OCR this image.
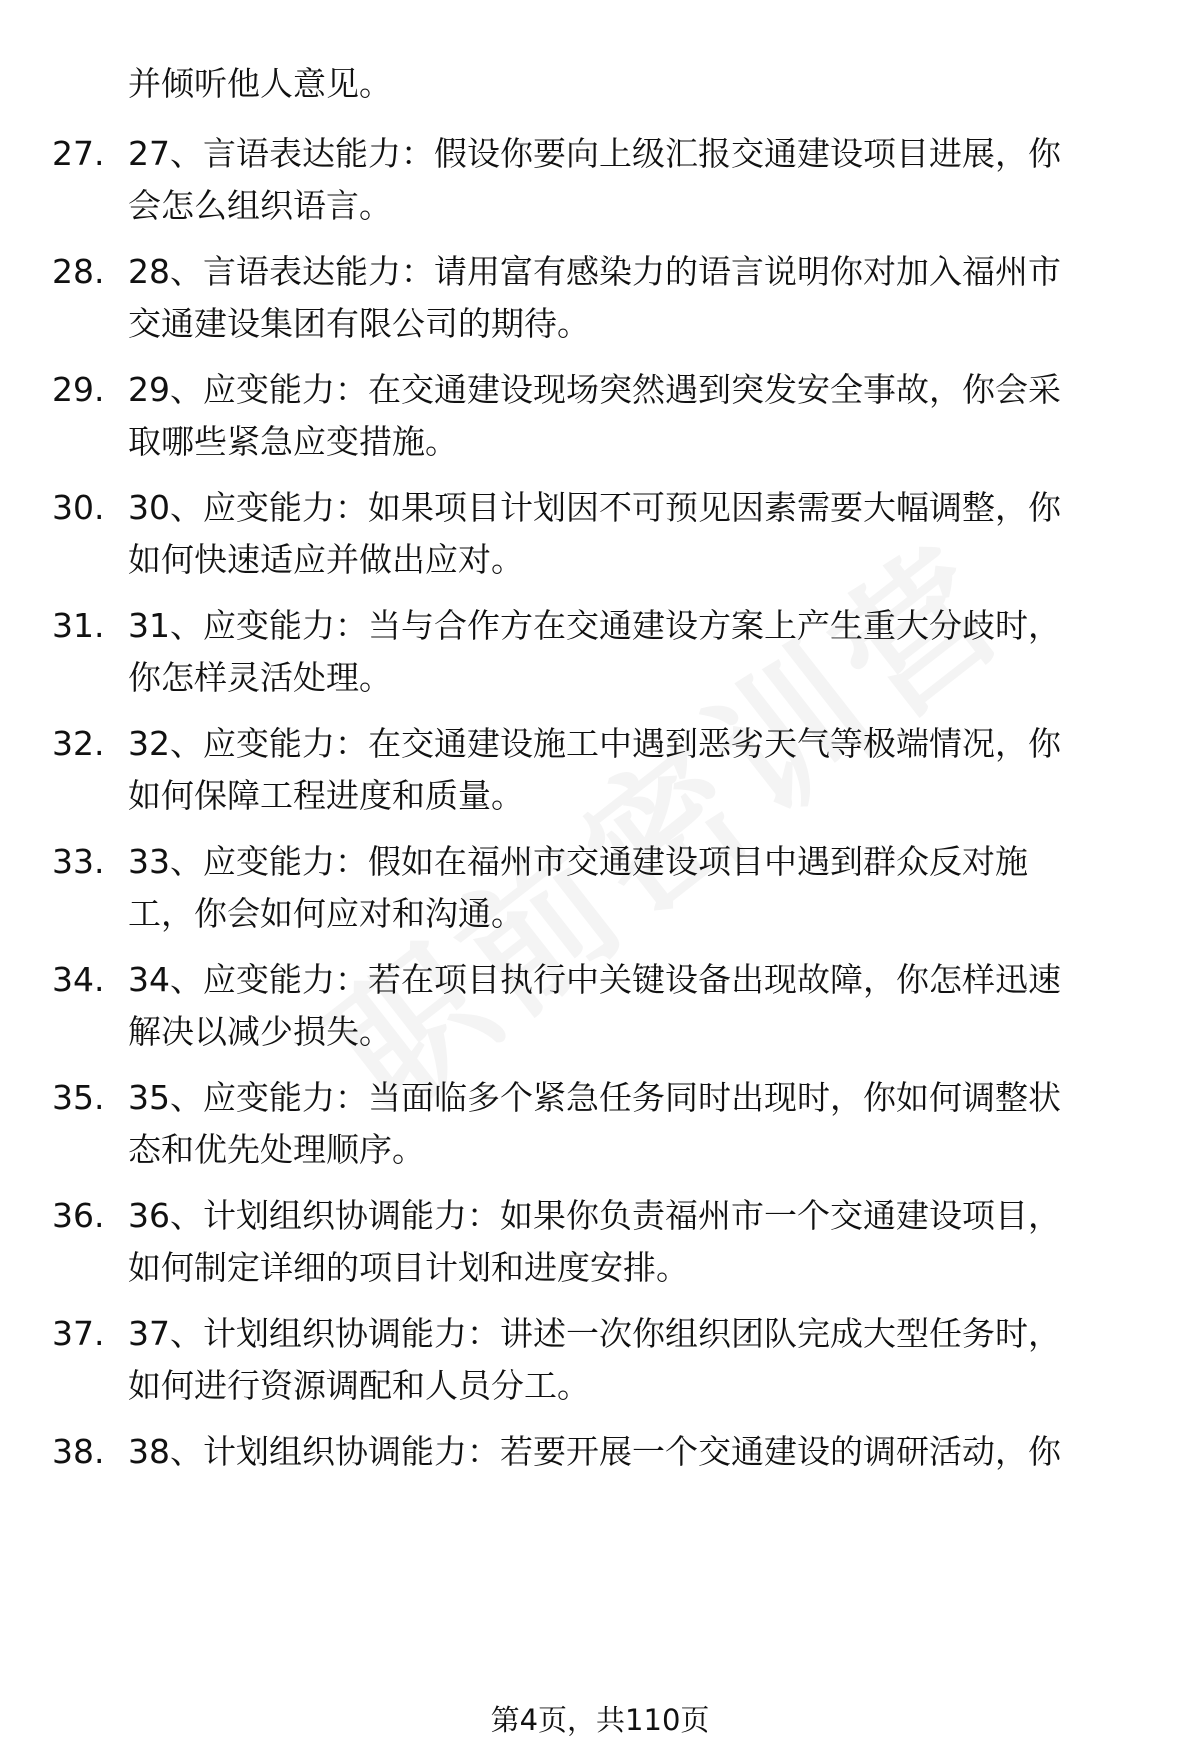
并倾听他人意见。
27. 27、言语表达能力：假设你要向上级汇报交通建设项目进展，你
会怎么组织语言。
28. 28、言语表达能力：请用富有感染力的语言说明你对加入福州市
交通建设集团有限公司的期待。
29. 29、应变能力：在交通建设现场突然遇到突发安全事故，你会采
取哪些紧急应变措施。
30. 30、应变能力：如果项目计划因不可预见因素需要大幅调整，你
如何快速适应并做出应对。
31. 31、应变能力：当与合作方在交通建设方案上产生重大分歧时，
你怎样灵活处理。
32. 32、应变能力：在交通建设施工中遇到恶劣天气等极端情况，你
如何保障工程进度和质量。
33. 33、应变能力：假如在福州市交通建设项目中遇到群众反对施
工，你会如何应对和沟通。
34. 34、应变能力：若在项目执行中关键设备出现故障，你怎样迅速
解决以减少损失。
35. 35、应变能力：当面临多个紧急任务同时出现时，你如何调整状
态和优先处理顺序。
36. 36、计划组织协调能力：如果你负责福州市一个交通建设项目，
如何制定详细的项目计划和进度安排。
37. 37、计划组织协调能力：讲述一次你组织团队完成大型任务时，
如何进行资源调配和人员分工。
38. 38、计划组织协调能力：若要开展一个交通建设的调研活动，你
第4页，共110页
